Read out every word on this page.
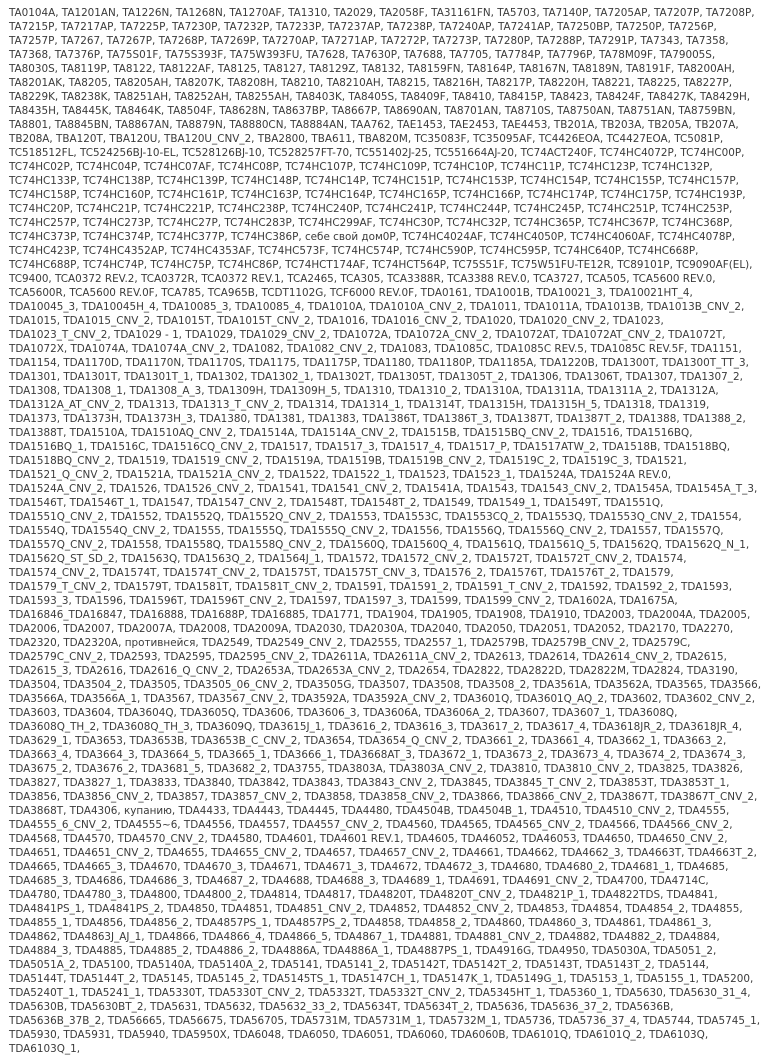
TA0104A, TA1201AN, TA1226N, TA1268N, TA1270AF, TA1310, TA2029, TA2058F, TA31161FN, TA5703, TA7140P, TA7205AP, TA7207P, TA7208P, TA7215P, TA7217AP, TA7225P, TA7230P, TA7232P, TA7233P, TA7237AP, TA7238P, TA7240AP, TA7241AP, TA7250BP, TA7250P, TA7256P, TA7257P, TA7267, TA7267P, TA7268P, TA7269P, TA7270AP, TA7271AP, TA7272P, TA7273P, TA7280P, TA7288P, TA7291P, TA7343, TA7358, TA7368, TA7376P, TA75S01F, TA75S393F, TA75W393FU, TA7628, TA7630P, TA7688, TA7705, TA7784P, TA7796P, TA78M09F, TA79005S, TA8030S, TA8119P, TA8122, TA8122AF, TA8125, TA8127, TA8129Z, TA8132, TA8159FN, TA8164P, TA8167N, TA8189N, TA8191F, TA8200AH, TA8201AK, TA8205, TA8205AH, TA8207K, TA8208H, TA8210, TA8210AH, TA8215, TA8216H, TA8217P, TA8220H, TA8221, TA8225, TA8227P, TA8229K, TA8238K, TA8251AH, TA8252AH, TA8255AH, TA8403K, TA8405S, TA8409F, TA8410, TA8415P, TA8423, TA8424F, TA8427K, TA8429H, TA8435H, TA8445K, TA8464K, TA8504F, TA8628N, TA8637BP, TA8667P, TA8690AN, TA8701AN, TA8710S, TA8750AN, TA8751AN, TA8759BN, TA8801, TA8845BN, TA8867AN, TA8879N, TA8880CN, TA8884AN, TAA762, TAE1453, TAE2453, TAE4453, TB201A, TB203A, TB205A, TB207A, TB208A, TBA120T, TBA120U, TBA120U_CNV_2, TBA2800, TBA611, TBA820M, TC35083F, TC35095AF, TC4426EOA, TC4427EOA, TC5081P, TC518512FL, TC524256BJ-10-EL, TC528126BJ-10, TC528257FT-70, TC551402J-25, TC551664AJ-20, TC74ACT240F, TC74HC4072P, TC74HC00P, TC74HC02P, TC74HC04P, TC74HC07AF, TC74HC08P, TC74HC107P, TC74HC109P, TC74HC10P, TC74HC11P, TC74HC123P, TC74HC132P, TC74HC133P, TC74HC138P, TC74HC139P, TC74HC148P, TC74HC14P, TC74HC151P, TC74HC153P, TC74HC154P, TC74HC155P, TC74HC157P, TC74HC158P, TC74HC160P, TC74HC161P, TC74HC163P, TC74HC164P, TC74HC165P, TC74HC166P, TC74HC174P, TC74HC175P, TC74HC193P, TC74HC20P, TC74HC21P, TC74HC221P, TC74HC238P, TC74HC240P, TC74HC241P, TC74HC244P, TC74HC245P, TC74HC251P, TC74HC253P, TC74HC257P, TC74HC273P, TC74HC27P, TC74HC283P, TC74HC299AF, TC74HC30P, TC74HC32P, TC74HC365P, TC74HC367P, TC74HC368P, TC74HC373P, TC74HC374P, TC74HC377P, TC74HC386P, себе свой дом0P, TC74HC4024AF, TC74HC4050P, TC74HC4060AF, TC74HC4078P, TC74HC423P, TC74HC4352AP, TC74HC4353AF, TC74HC573F, TC74HC574P, TC74HC590P, TC74HC595P, TC74HC640P, TC74HC668P, TC74HC688P, TC74HC74P, TC74HC75P, TC74HC86P, TC74HCT174AF, TC74HCT564P, TC75S51F, TC75W51FU-TE12R, TC89101P, TC9090AF(EL), TC9400, TCA0372 REV.2, TCA0372R, TCA0372 REV.1, TCA2465, TCA305, TCA3388R, TCA3388 REV.0, TCA3727, TCA505, TCA5600 REV.0, TCA5600R, TCA5600 REV.0F, TCA785, TCA965B, TCDT1102G, TCF6000 REV.0F, TDA0161, TDA1001B, TDA10021_3, TDA10021HT_4, TDA10045_3, TDA10045H_4, TDA10085_3, TDA10085_4, TDA1010A, TDA1010A_CNV_2, TDA1011, TDA1011A, TDA1013B, TDA1013B_CNV_2, TDA1015, TDA1015_CNV_2, TDA1015T, TDA1015T_CNV_2, TDA1016, TDA1016_CNV_2, TDA1020, TDA1020_CNV_2, TDA1023, TDA1023_T_CNV_2, TDA1029 - 1, TDA1029, TDA1029_CNV_2, TDA1072A, TDA1072A_CNV_2, TDA1072AT, TDA1072AT_CNV_2, TDA1072T, TDA1072X, TDA1074A, TDA1074A_CNV_2, TDA1082, TDA1082_CNV_2, TDA1083, TDA1085C, TDA1085C REV.5, TDA1085C REV.5F, TDA1151, TDA1154, TDA1170D, TDA1170N, TDA1170S, TDA1175, TDA1175P, TDA1180, TDA1180P, TDA1185A, TDA1220B, TDA1300T, TDA1300T_TT_3, TDA1301, TDA1301T, TDA1301T_1, TDA1302, TDA1302_1, TDA1302T, TDA1305T, TDA1305T_2, TDA1306, TDA1306T, TDA1307, TDA1307_2, TDA1308, TDA1308_1, TDA1308_A_3, TDA1309H, TDA1309H_5, TDA1310, TDA1310_2, TDA1310A, TDA1311A, TDA1311A_2, TDA1312A, TDA1312A_AT_CNV_2, TDA1313, TDA1313_T_CNV_2, TDA1314, TDA1314_1, TDA1314T, TDA1315H, TDA1315H_5, TDA1318, TDA1319, TDA1373, TDA1373H, TDA1373H_3, TDA1380, TDA1381, TDA1383, TDA1386T, TDA1386T_3, TDA1387T, TDA1387T_2, TDA1388, TDA1388_2, TDA1388T, TDA1510A, TDA1510AQ_CNV_2, TDA1514A, TDA1514A_CNV_2, TDA1515B, TDA1515BQ_CNV_2, TDA1516, TDA1516BQ, TDA1516BQ_1, TDA1516C, TDA1516CQ_CNV_2, TDA1517, TDA1517_3, TDA1517_4, TDA1517_P, TDA1517ATW_2, TDA1518B, TDA1518BQ, TDA1518BQ_CNV_2, TDA1519, TDA1519_CNV_2, TDA1519A, TDA1519B, TDA1519B_CNV_2, TDA1519C_2, TDA1519C_3, TDA1521, TDA1521_Q_CNV_2, TDA1521A, TDA1521A_CNV_2, TDA1522, TDA1522_1, TDA1523, TDA1523_1, TDA1524A, TDA1524A REV.0, TDA1524A_CNV_2, TDA1526, TDA1526_CNV_2, TDA1541, TDA1541_CNV_2, TDA1541A, TDA1543, TDA1543_CNV_2, TDA1545A, TDA1545A_T_3, TDA1546T, TDA1546T_1, TDA1547, TDA1547_CNV_2, TDA1548T, TDA1548T_2, TDA1549, TDA1549_1, TDA1549T, TDA1551Q, TDA1551Q_CNV_2, TDA1552, TDA1552Q, TDA1552Q_CNV_2, TDA1553, TDA1553C, TDA1553CQ_2, TDA1553Q, TDA1553Q_CNV_2, TDA1554, TDA1554Q, TDA1554Q_CNV_2, TDA1555, TDA1555Q, TDA1555Q_CNV_2, TDA1556, TDA1556Q, TDA1556Q_CNV_2, TDA1557, TDA1557Q, TDA1557Q_CNV_2, TDA1558, TDA1558Q, TDA1558Q_CNV_2, TDA1560Q, TDA1560Q_4, TDA1561Q, TDA1561Q_5, TDA1562Q, TDA1562Q_N_1, TDA1562Q_ST_SD_2, TDA1563Q, TDA1563Q_2, TDA1564J_1, TDA1572, TDA1572_CNV_2, TDA1572T, TDA1572T_CNV_2, TDA1574, TDA1574_CNV_2, TDA1574T, TDA1574T_CNV_2, TDA1575T, TDA1575T_CNV_3, TDA1576_2, TDA1576T, TDA1576T_2, TDA1579, TDA1579_T_CNV_2, TDA1579T, TDA1581T, TDA1581T_CNV_2, TDA1591, TDA1591_2, TDA1591_T_CNV_2, TDA1592, TDA1592_2, TDA1593, TDA1593_3, TDA1596, TDA1596T, TDA1596T_CNV_2, TDA1597, TDA1597_3, TDA1599, TDA1599_CNV_2, TDA1602A, TDA1675A, TDA16846_TDA16847, TDA16888, TDA1688P, TDA16885, TDA1771, TDA1904, TDA1905, TDA1908, TDA1910, TDA2003, TDA2004A, TDA2005, TDA2006, TDA2007, TDA2007A, TDA2008, TDA2009A, TDA2030, TDA2030A, TDA2040, TDA2050, TDA2051, TDA2052, TDA2170, TDA2270, TDA2320, TDA2320A, противнейся, TDA2549, TDA2549_CNV_2, TDA2555, TDA2557_1, TDA2579B, TDA2579B_CNV_2, TDA2579C, TDA2579C_CNV_2, TDA2593, TDA2595, TDA2595_CNV_2, TDA2611A, TDA2611A_CNV_2, TDA2613, TDA2614, TDA2614_CNV_2, TDA2615, TDA2615_3, TDA2616, TDA2616_Q_CNV_2, TDA2653A, TDA2653A_CNV_2, TDA2654, TDA2822, TDA2822D, TDA2822M, TDA2824, TDA3190, TDA3504, TDA3504_2, TDA3505, TDA3505_06_CNV_2, TDA3505G, TDA3507, TDA3508, TDA3508_2, TDA3561A, TDA3562A, TDA3565, TDA3566, TDA3566A, TDA3566A_1, TDA3567, TDA3567_CNV_2, TDA3592A, TDA3592A_CNV_2, TDA3601Q, TDA3601Q_AQ_2, TDA3602, TDA3602_CNV_2, TDA3603, TDA3604, TDA3604Q, TDA3605Q, TDA3606, TDA3606_3, TDA3606A, TDA3606A_2, TDA3607, TDA3607_1, TDA3608Q, TDA3608Q_TH_2, TDA3608Q_TH_3, TDA3609Q, TDA3615J_1, TDA3616_2, TDA3616_3, TDA3617_2, TDA3617_4, TDA3618JR_2, TDA3618JR_4, TDA3629_1, TDA3653, TDA3653B, TDA3653B_C_CNV_2, TDA3654, TDA3654_Q_CNV_2, TDA3661_2, TDA3661_4, TDA3662_1, TDA3663_2, TDA3663_4, TDA3664_3, TDA3664_5, TDA3665_1, TDA3666_1, TDA3668AT_3, TDA3672_1, TDA3673_2, TDA3673_4, TDA3674_2, TDA3674_3, TDA3675_2, TDA3676_2, TDA3681_5, TDA3682_2, TDA3755, TDA3803A, TDA3803A_CNV_2, TDA3810, TDA3810_CNV_2, TDA3825, TDA3826, TDA3827, TDA3827_1, TDA3833, TDA3840, TDA3842, TDA3843, TDA3843_CNV_2, TDA3845, TDA3845_T_CNV_2, TDA3853T, TDA3853T_1, TDA3856, TDA3856_CNV_2, TDA3857, TDA3857_CNV_2, TDA3858, TDA3858_CNV_2, TDA3866, TDA3866_CNV_2, TDA3867T, TDA3867T_CNV_2, TDA3868T, TDA4306, купанию, TDA4433, TDA4443, TDA4445, TDA4480, TDA4504B, TDA4504B_1, TDA4510, TDA4510_CNV_2, TDA4555, TDA4555_6_CNV_2, TDA4555~6, TDA4556, TDA4557, TDA4557_CNV_2, TDA4560, TDA4565, TDA4565_CNV_2, TDA4566, TDA4566_CNV_2, TDA4568, TDA4570, TDA4570_CNV_2, TDA4580, TDA4601, TDA4601 REV.1, TDA4605, TDA46052, TDA46053, TDA4650, TDA4650_CNV_2, TDA4651, TDA4651_CNV_2, TDA4655, TDA4655_CNV_2, TDA4657, TDA4657_CNV_2, TDA4661, TDA4662, TDA4662_3, TDA4663T, TDA4663T_2, TDA4665, TDA4665_3, TDA4670, TDA4670_3, TDA4671, TDA4671_3, TDA4672, TDA4672_3, TDA4680, TDA4680_2, TDA4681_1, TDA4685, TDA4685_3, TDA4686, TDA4686_3, TDA4687_2, TDA4688, TDA4688_3, TDA4689_1, TDA4691, TDA4691_CNV_2, TDA4700, TDA4714C, TDA4780, TDA4780_3, TDA4800, TDA4800_2, TDA4814, TDA4817, TDA4820T, TDA4820T_CNV_2, TDA4821P_1, TDA4822TDS, TDA4841, TDA4841PS_1, TDA4841PS_2, TDA4850, TDA4851, TDA4851_CNV_2, TDA4852, TDA4852_CNV_2, TDA4853, TDA4854, TDA4854_2, TDA4855, TDA4855_1, TDA4856, TDA4856_2, TDA4857PS_1, TDA4857PS_2, TDA4858, TDA4858_2, TDA4860, TDA4860_3, TDA4861, TDA4861_3, TDA4862, TDA4863J_AJ_1, TDA4866, TDA4866_4, TDA4866_5, TDA4867_1, TDA4881, TDA4881_CNV_2, TDA4882, TDA4882_2, TDA4884, TDA4884_3, TDA4885, TDA4885_2, TDA4886_2, TDA4886A, TDA4886A_1, TDA4887PS_1, TDA4916G, TDA4950, TDA5030A, TDA5051_2, TDA5051A_2, TDA5100, TDA5140A, TDA5140A_2, TDA5141, TDA5141_2, TDA5142T, TDA5142T_2, TDA5143T, TDA5143T_2, TDA5144, TDA5144T, TDA5144T_2, TDA5145, TDA5145_2, TDA5145TS_1, TDA5147CH_1, TDA5147K_1, TDA5149G_1, TDA5153_1, TDA5155_1, TDA5200, TDA5240T_1, TDA5241_1, TDA5330T, TDA5330T_CNV_2, TDA5332T, TDA5332T_CNV_2, TDA5345HT_1, TDA5360_1, TDA5630, TDA5630_31_4, TDA5630B, TDA5630BT_2, TDA5631, TDA5632, TDA5632_33_2, TDA5634T, TDA5634T_2, TDA5636, TDA5636_37_2, TDA5636B, TDA5636B_37B_2, TDA56665, TDA56675, TDA56705, TDA5731M, TDA5731M_1, TDA5732M_1, TDA5736, TDA5736_37_4, TDA5744, TDA5745_1, TDA5930, TDA5931, TDA5940, TDA5950X, TDA6048, TDA6050, TDA6051, TDA6060, TDA6060B, TDA6101Q, TDA6101Q_2, TDA6103Q, TDA6103Q_1,
